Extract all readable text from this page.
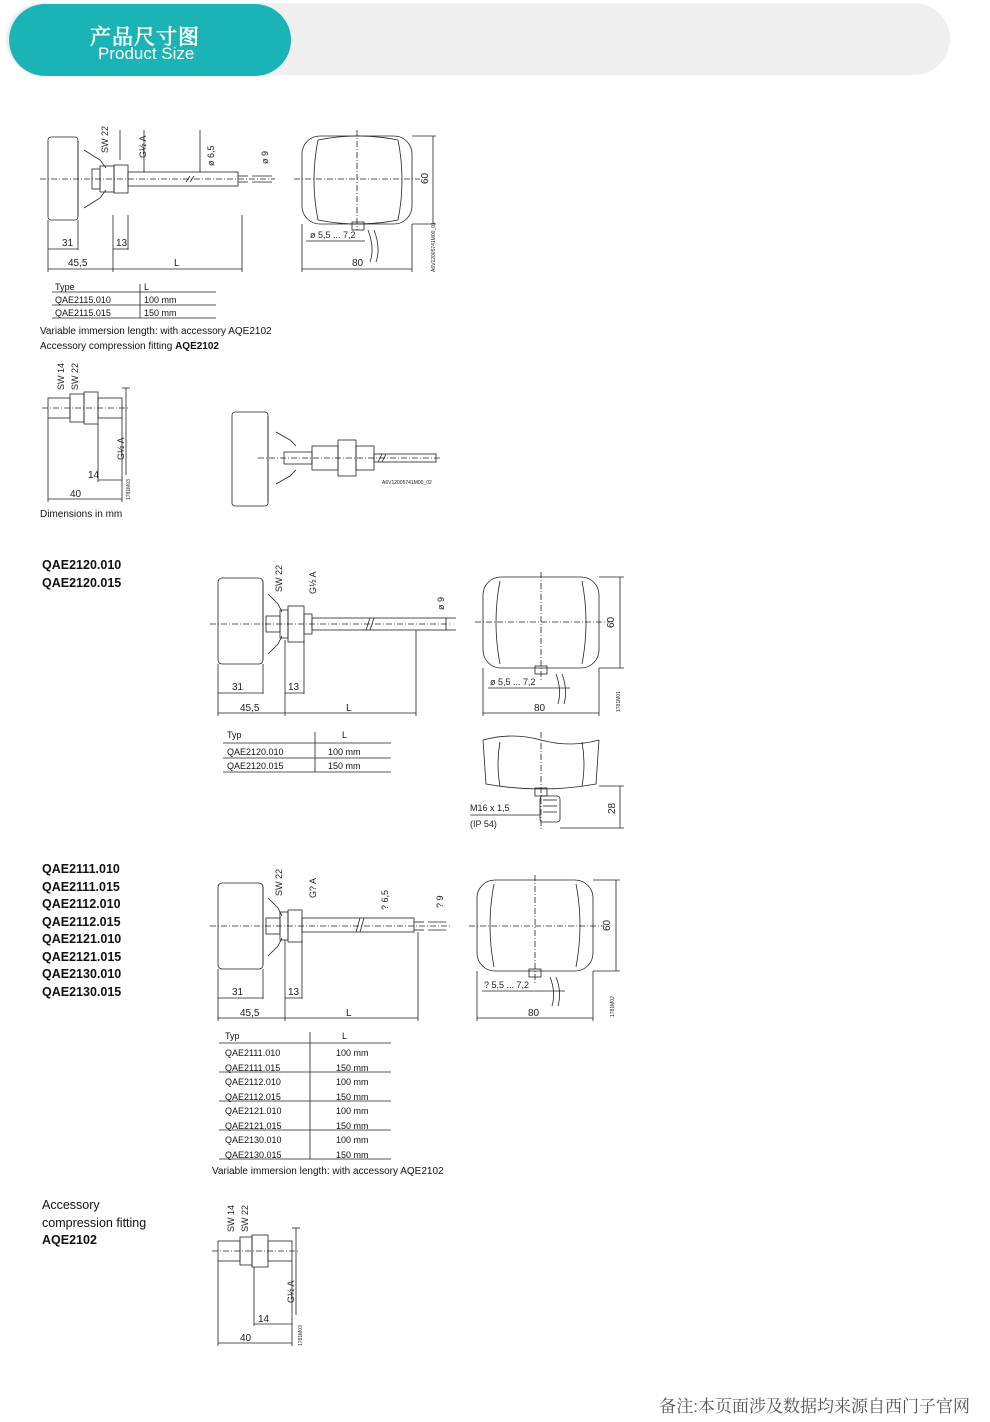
产品尺寸图
Product Size
SW 22	G½ A	ø 6,5	ø 9
31	13
45,5	L
60
ø 5,5 ... 7,2
80	A6V12005741M00_01
Type	L
QAE2115.010	100 mm
QAE2115.015	150 mm
Variable immersion length: with accessory AQE2102
Accessory compression fitting AQE2102
SW 14 SW 22
G½ A
14
40	1781M03	A6V12005741M00_02
Dimensions in mm
QAE2120.010
QAE2120.015	SW 22	G½ A
ø 9
31	13
45,5	L
60
ø 5,5 ... 7,2
80	1781M01
M16 x 1,5
(IP 54)
28
Typ	L
QAE2120.010	100 mm
QAE2120.015	150 mm
QAE2111.010
QAE2111.015
QAE2112.010
QAE2112.015
QAE2121.010
QAE2121.015
QAE2130.010
QAE2130.015
SW 22	G? A
? 6,5	? 9
31	13
45,5	L
60
? 5,5 ... 7,2
80	1781M02
Typ	L
QAE2111.010	100 mm
QAE2111.015	150 mm
QAE2112.010	100 mm
QAE2112.015	150 mm
QAE2121.010	100 mm
QAE2121.015	150 mm
QAE2130.010	100 mm
QAE2130.015	150 mm
Variable immersion length: with accessory AQE2102
Accessory
compression fitting
AQE2102
SW 14 SW 22
G½ A
14
40	1781M03
备注:本页面涉及数据均来源自西门子官网
